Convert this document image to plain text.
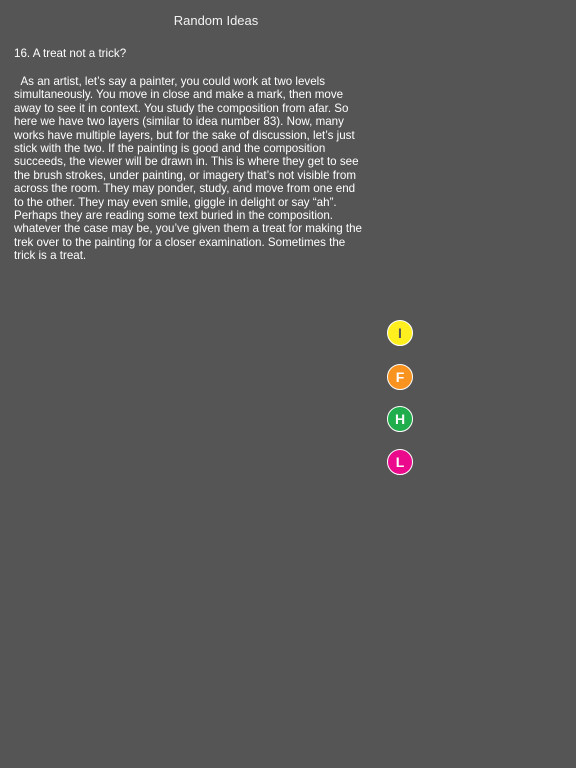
Random Ideas

16. A treat not a trick?

As an artist, let’s say a painter, you could work at two levels simultaneously. You move in close and make a mark, then move away to see it in context. You study the composition from afar. So here we have two layers (similar to idea number 83). Now, many works have multiple layers, but for the sake of discussion, let’s just stick with the two. If the painting is good and the composition succeeds, the viewer will be drawn in. This is where they get to see the brush strokes, under painting, or imagery that’s not visible from across the room. They may ponder, study, and move from one end to the other. They may even smile, giggle in delight or say “ah”. Perhaps they are reading some text buried in the composition. whatever the case may be, you’ve given them a treat for making the trek over to the painting for a closer examination. Sometimes the trick is a treat.

I
F
H
L
